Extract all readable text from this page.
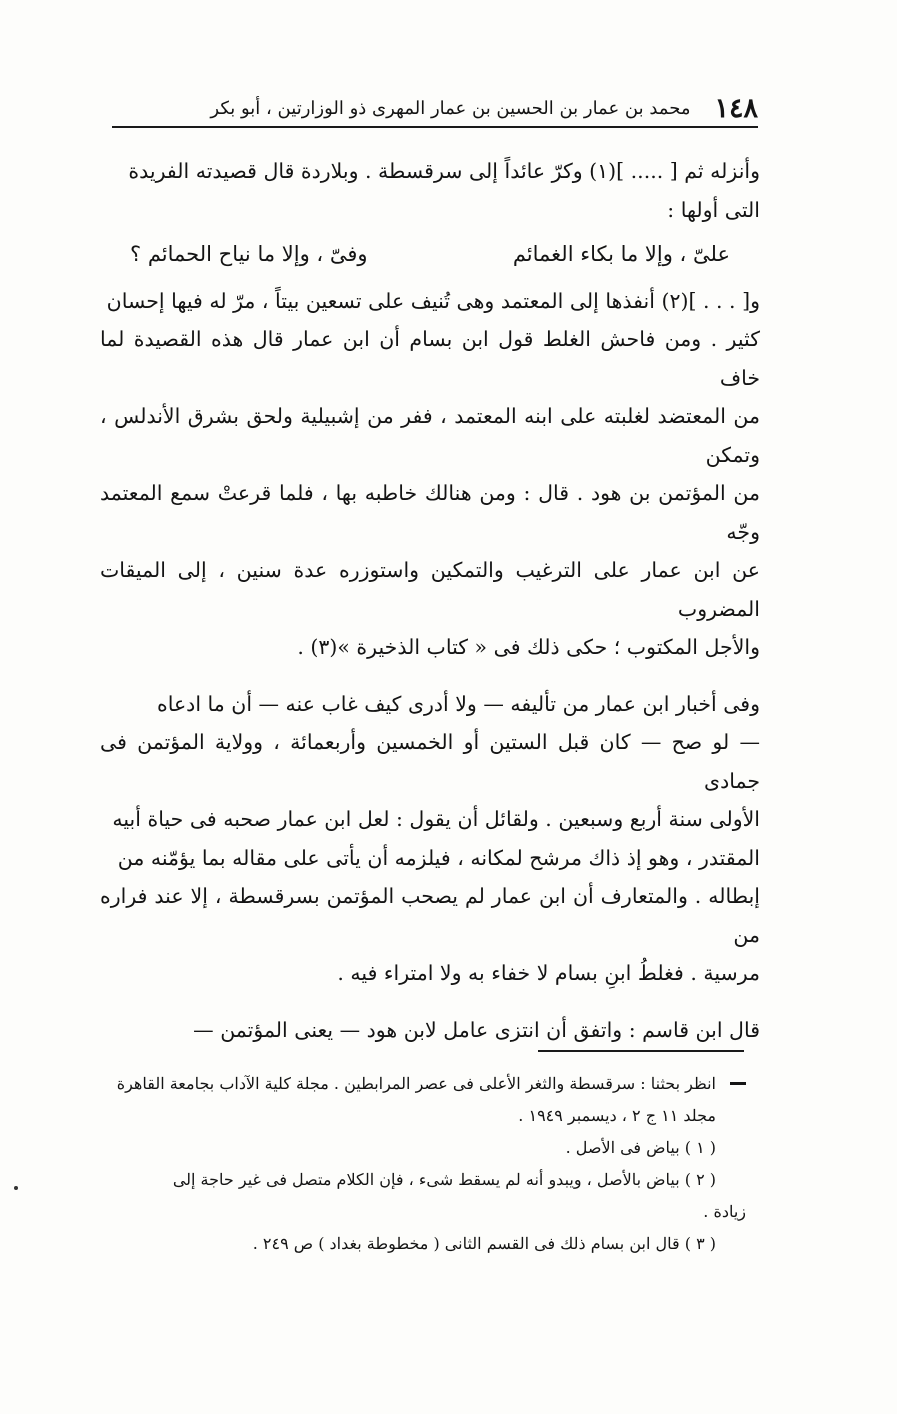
١٤٨
محمد بن عمار بن الحسين بن عمار المهرى ذو الوزارتين ، أبو بكر

وأنزله ثم [ ..... ](١) وكرّ عائداً إلى سرقسطة . وبلاردة قال قصيدته الفريدة

التى أولها :

علىّ ، وإلا ما بكاء الغمائم
وفىّ ، وإلا ما نياح الحمائم ؟

و[ . . . ](٢) أنفذها إلى المعتمد وهى تُنيف على تسعين بيتاً ، مرّ له فيها إحسان

كثير . ومن فاحش الغلط قول ابن بسام أن ابن عمار قال هذه القصيدة لما خاف

من المعتضد لغلبته على ابنه المعتمد ، ففر من إشبيلية ولحق بشرق الأندلس ، وتمكن

من المؤتمن بن هود . قال : ومن هنالك خاطبه بها ، فلما قرعتْ سمع المعتمد وجّه

عن ابن عمار على الترغيب والتمكين واستوزره عدة سنين ، إلى الميقات المضروب

والأجل المكتوب ؛ حكى ذلك فى « كتاب الذخيرة »(٣) .

وفى أخبار ابن عمار من تأليفه — ولا أدرى كيف غاب عنه — أن ما ادعاه

— لو صح — كان قبل الستين أو الخمسين وأربعمائة ، وولاية المؤتمن فى جمادى

الأولى سنة أربع وسبعين . ولقائل أن يقول : لعل ابن عمار صحبه فى حياة أبيه

المقتدر ، وهو إذ ذاك مرشح لمكانه ، فيلزمه أن يأتى على مقاله بما يؤمّنه من

إبطاله . والمتعارف أن ابن عمار لم يصحب المؤتمن بسرقسطة ، إلا عند فراره من

مرسية . فغلطُ ابنِ بسام لا خفاء به ولا امتراء فيه .

قال ابن قاسم : واتفق أن انتزى عامل لابن هود — يعنى المؤتمن —

انظر بحثنا : سرقسطة والثغر الأعلى فى عصر المرابطين . مجلة كلية الآداب بجامعة القاهرة

مجلد ١١ ج ٢ ، ديسمبر ١٩٤٩ .

( ١ ) بياض فى الأصل .

( ٢ ) بياض بالأصل ، ويبدو أنه لم يسقط شىء ، فإن الكلام متصل فى غير حاجة إلى

زيادة .

( ٣ ) قال ابن بسام ذلك فى القسم الثانى ( مخطوطة بغداد ) ص ٢٤٩ .
